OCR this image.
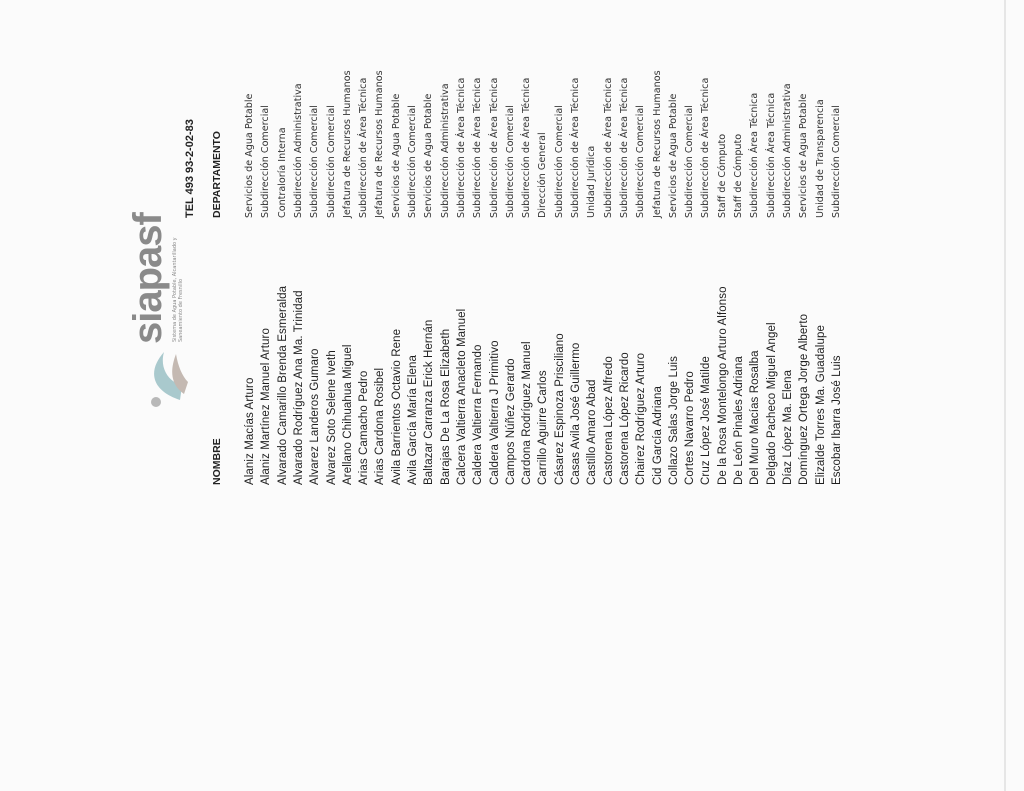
siapasf Sistema de Agua Potable, Alcantarillado y Saneamiento de Fresnillo
TEL 493 93-2-02-83
NOMBRE
DEPARTAMENTO
Alaniz Macías Arturo
Servicios de Agua Potable
Alaniz Martínez Manuel Arturo
Subdirección Comercial
Alvarado Camarillo Brenda Esmeralda
Contraloría Interna
Alvarado Rodríguez Ana Ma. Trinidad
Subdirección Administrativa
Alvarez Landeros Gumaro
Subdirección Comercial
Alvarez Soto Selene Iveth
Subdirección Comercial
Arellano Chihuahua Miguel
Jefatura de Recursos Humanos
Arias Camacho Pedro
Subdirección de Área Técnica
Arias Cardona Rosibel
Jefatura de Recursos Humanos
Avila Barrientos Octavio Rene
Servicios de Agua Potable
Avila García María Elena
Subdirección Comercial
Baltazar Carranza Erick Hernán
Servicios de Agua Potable
Barajas De La Rosa Elizabeth
Subdirección Administrativa
Calcera Valtierra Anacleto Manuel
Subdirección de Área Técnica
Caldera Valtierra Fernando
Subdirección de Área Técnica
Caldera Valtierra J Primitivo
Subdirección de Área Técnica
Campos Núñez Gerardo
Subdirección Comercial
Cardona Rodríguez Manuel
Subdirección de Área Técnica
Carrillo Aguirre Carlos
Dirección General
Cásarez Espinoza Prisciliano
Subdirección Comercial
Casas Avila José Guillermo
Subdirección de Área Técnica
Castillo Amaro Abad
Unidad Jurídica
Castorena López Alfredo
Subdirección de Área Técnica
Castorena López Ricardo
Subdirección de Área Técnica
Chairez Rodríguez Arturo
Subdirección Comercial
Cid García Adriana
Jefatura de Recursos Humanos
Collazo Salas Jorge Luis
Servicios de Agua Potable
Cortes Navarro Pedro
Subdirección Comercial
Cruz López José Matilde
Subdirección de Área Técnica
De la Rosa Montelongo Arturo Alfonso
Staff de Cómputo
De León Pinales Adriana
Staff de Cómputo
Del Muro Macías Rosalba
Subdirección Área Técnica
Delgado Pacheco Miguel Angel
Subdirección Área Técnica
Díaz López Ma. Elena
Subdirección Administrativa
Domínguez Ortega Jorge Alberto
Servicios de Agua Potable
Elizalde Torres Ma. Guadalupe
Unidad de Transparencia
Escobar Ibarra José Luis
Subdirección Comercial
